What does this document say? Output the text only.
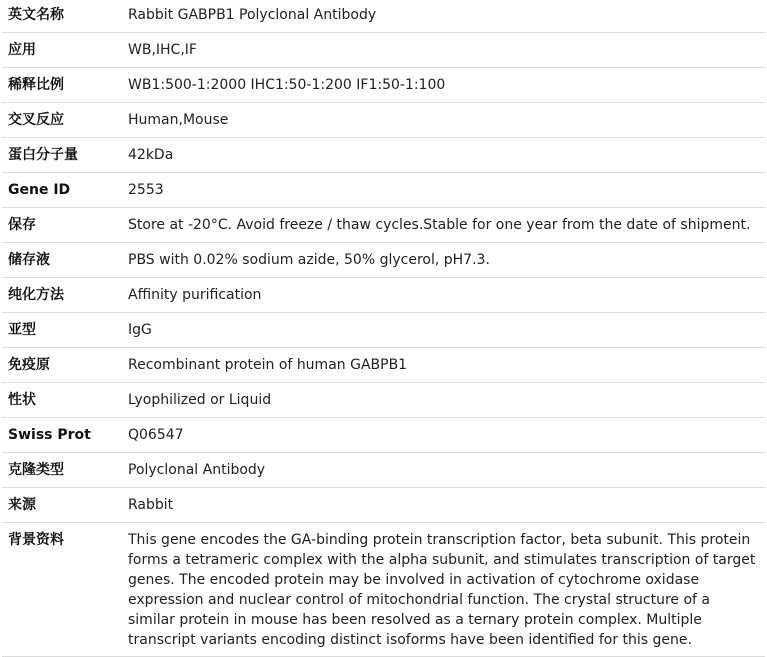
英文名称	Rabbit GABPB1 Polyclonal Antibody
应用	WB,IHC,IF
稀释比例	WB1:500-1:2000 IHC1:50-1:200 IF1:50-1:100
交叉反应	Human,Mouse
蛋白分子量	42kDa
Gene ID	2553
保存	Store at -20°C. Avoid freeze / thaw cycles.Stable for one year from the date of shipment.
储存液	PBS with 0.02% sodium azide, 50% glycerol, pH7.3.
纯化方法	Affinity purification
亚型	IgG
免疫原	Recombinant protein of human GABPB1
性状	Lyophilized or Liquid
Swiss Prot	Q06547
克隆类型	Polyclonal Antibody
来源	Rabbit
背景资料	This gene encodes the GA-binding protein transcription factor, beta subunit. This protein forms a tetrameric complex with the alpha subunit, and stimulates transcription of target genes. The encoded protein may be involved in activation of cytochrome oxidase expression and nuclear control of mitochondrial function. The crystal structure of a similar protein in mouse has been resolved as a ternary protein complex. Multiple transcript variants encoding distinct isoforms have been identified for this gene.
